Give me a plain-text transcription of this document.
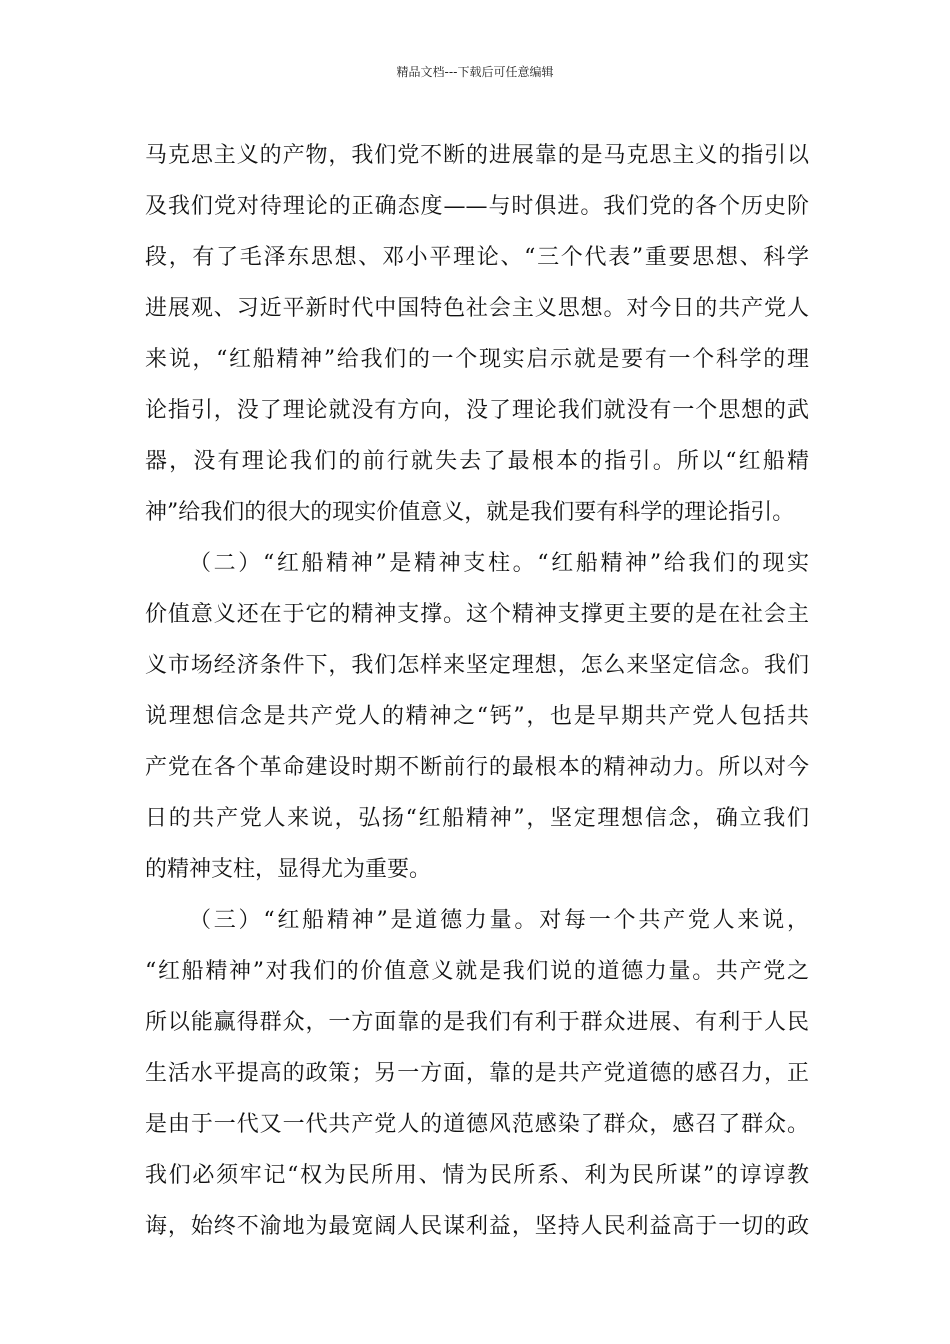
精品文档---下载后可任意编辑
马克思主义的产物，我们党不断的进展靠的是马克思主义的指引以
及我们党对待理论的正确态度——与时俱进。我们党的各个历史阶
段，有了毛泽东思想、邓小平理论、“三个代表”重要思想、科学
进展观、习近平新时代中国特色社会主义思想。对今日的共产党人
来说，“红船精神”给我们的一个现实启示就是要有一个科学的理
论指引，没了理论就没有方向，没了理论我们就没有一个思想的武
器，没有理论我们的前行就失去了最根本的指引。所以“红船精
神”给我们的很大的现实价值意义，就是我们要有科学的理论指引。
（二）“红船精神”是精神支柱。“红船精神”给我们的现实
价值意义还在于它的精神支撑。这个精神支撑更主要的是在社会主
义市场经济条件下，我们怎样来坚定理想，怎么来坚定信念。我们
说理想信念是共产党人的精神之“钙”，也是早期共产党人包括共
产党在各个革命建设时期不断前行的最根本的精神动力。所以对今
日的共产党人来说，弘扬“红船精神”，坚定理想信念，确立我们
的精神支柱，显得尤为重要。
（三）“红船精神”是道德力量。对每一个共产党人来说，
“红船精神”对我们的价值意义就是我们说的道德力量。共产党之
所以能赢得群众，一方面靠的是我们有利于群众进展、有利于人民
生活水平提高的政策；另一方面，靠的是共产党道德的感召力，正
是由于一代又一代共产党人的道德风范感染了群众，感召了群众。
我们必须牢记“权为民所用、情为民所系、利为民所谋”的谆谆教
诲，始终不渝地为最宽阔人民谋利益，坚持人民利益高于一切的政
